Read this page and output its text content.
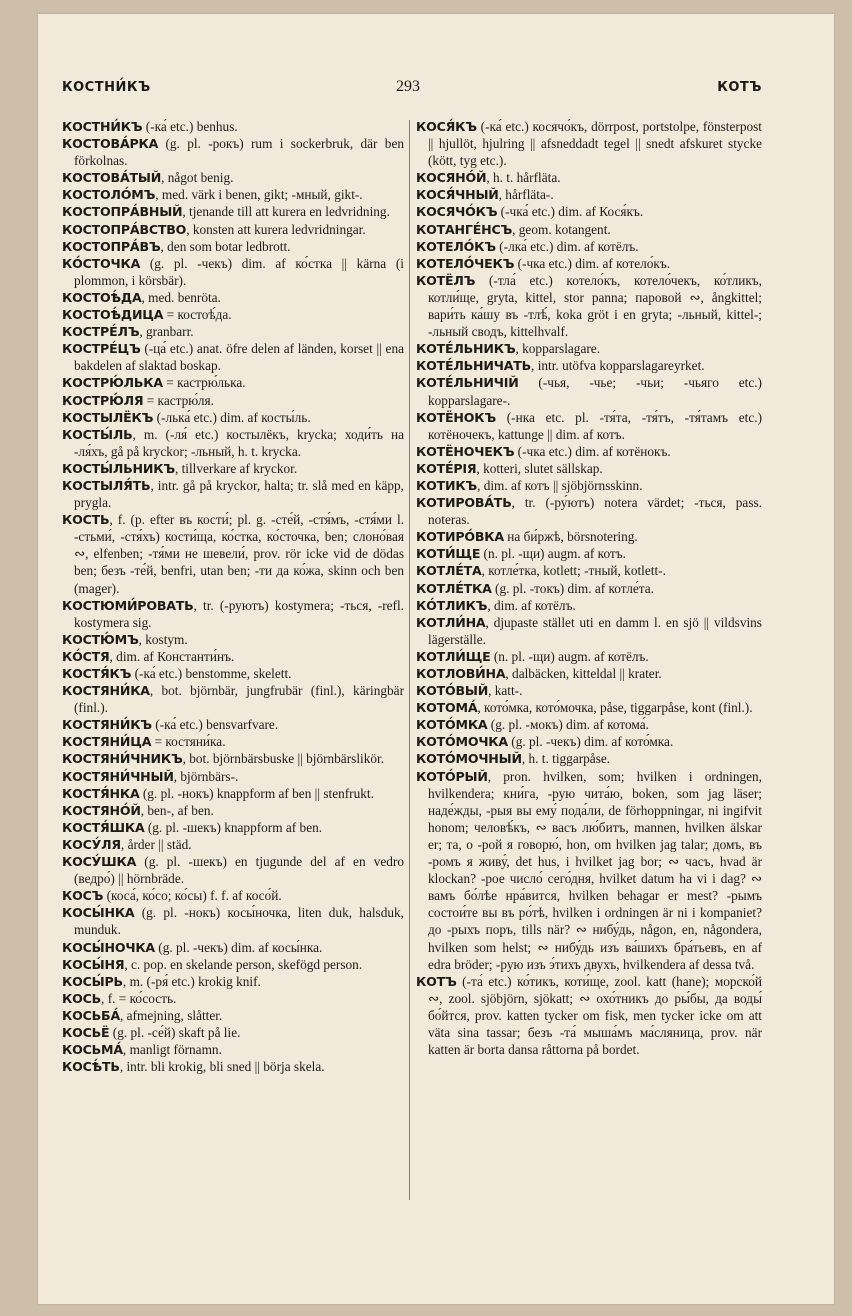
КОСТНИ́КЪ	293	КОТЪ
КОСТНИ́КЪ (-ка́ etc.) benhus.
КОСТОВА́РКА (g. pl. -рокъ) rum i sockerbruk, där ben förkolnas.
КОСТОВА́ТЫЙ, något benig.
КОСТОЛО́МЪ, med. värk i benen, gikt; -мный, gikt-.
КОСТОПРА́ВНЫЙ, tjenande till att kurera en ledvridning.
КОСТОПРА́ВСТВО, konsten att kurera ledvridningar.
КОСТОПРА́ВЪ, den som botar ledbrott.
КО́СТОЧКА (g. pl. -чекъ) dim. af ко́стка || kärna (i plommon, i körsbär).
КОСТОѢ́ДА, med. benröta.
КОСТОѢ́ДИЦА = костоѣ́да.
КОСТРЕ́ЛЪ, granbarr.
КОСТРЕ́ЦЪ (-ца́ etc.) anat. öfre delen af länden, korset || ena bakdelen af slaktad boskap.
КОСТРЮ́ЛЬКА = кастрю́лька.
КОСТРЮ́ЛЯ = кастрю́ля.
КОСТЫЛЁКЪ (-лька́ etc.) dim. af косты́ль.
КОСТЫ́ЛЬ, m. (-ля́ etc.) костылёкъ, krycka; ходи́ть на -ля́хъ, gå på kryckor; -льный, h. t. krycka.
КОСТЫ́ЛЬНИКЪ, tillverkare af kryckor.
КОСТЫЛЯ́ТЬ, intr. gå på kryckor, halta; tr. slå med en käpp, prygla.
КОСТЬ, f. (p. efter въ кости́; pl. g. -сте́й, -стя́мъ, -стя́ми l. -стьми́, -стя́хъ) кости́ща, ко́стка, ко́сточка, ben; слоно́вая ∾, elfenben; -тя́ми не шевели́, prov. rör icke vid de dödas ben; безъ -те́й, benfri, utan ben; -ти да ко́жа, skinn och ben (mager).
КОСТЮМИ́РОВАТЬ, tr. (-руютъ) kostymera; -ться, -refl. kostymera sig.
КОСТЮ́МЪ, kostym.
КО́СТЯ, dim. af Константи́нъ.
КОСТЯ́КЪ (-ка́ etc.) benstomme, skelett.
КОСТЯНИ́КА, bot. björnbär, jungfrubär (finl.), käringbär (finl.).
КОСТЯНИ́КЪ (-ка́ etc.) bensvarfvare.
КОСТЯНИ́ЦА = костяни́ка.
КОСТЯНИ́ЧНИКЪ, bot. björnbärsbuske || björnbärslikör.
КОСТЯНИ́ЧНЫЙ, björnbärs-.
КОСТЯ́НКА (g. pl. -нокъ) knappform af ben || stenfrukt.
КОСТЯНО́Й, ben-, af ben.
КОСТЯ́ШКА (g. pl. -шекъ) knappform af ben.
КОСУ́ЛЯ, årder || städ.
КОСУ́ШКА (g. pl. -шекъ) en tjugunde del af en vedro (ведро́) || hörnbräde.
КОСЪ (коса́, ко́со; ко́сы) f. f. af косо́й.
КОСЫ́НКА (g. pl. -нокъ) косы́ночка, liten duk, halsduk, munduk.
КОСЫ́НОЧКА (g. pl. -чекъ) dim. af косы́нка.
КОСЫ́НЯ, c. pop. en skelande person, skefögd person.
КОСЫ́РЬ, m. (-ря́ etc.) krokig knif.
КОСЬ, f. = ко́сость.
КОСЬБА́, afmejning, slåtter.
КОСЬЁ (g. pl. -се́й) skaft på lie.
КОСЬМА́, manligt förnamn.
КОСѢ́ТЬ, intr. bli krokig, bli sned || börja skela.
КОСЯ́КЪ (-ка́ etc.) косячо́къ, dörrpost, portstolpe, fönsterpost || hjullöt, hjulring || afsneddadt tegel || snedt afskuret stycke (kött, tyg etc.).
КОСЯНО́Й, h. t. hårfläta.
КОСЯ́ЧНЫЙ, hårfläta-.
КОСЯЧО́КЪ (-чка́ etc.) dim. af Кося́къ.
КОТАНГЕ́НСЪ, geom. kotangent.
КОТЕЛО́КЪ (-лка́ etc.) dim. af котёлъ.
КОТЕЛО́ЧЕКЪ (-чка etc.) dim. af котело́къ.
КОТЁЛЪ (-тла́ etc.) котело́къ, котело́чекъ, ко́тликъ, котли́ще, gryta, kittel, stor panna; паровой ∾, ångkittel; вари́ть ка́шу въ -тлѣ́, koka gröt i en gryta; -льный, kittel-; -льный сводъ, kittelhvalf.
КОТЕ́ЛЬНИКЪ, kopparslagare.
КОТЕ́ЛЬНИЧАТЬ, intr. utöfva kopparslagareyrket.
КОТЕ́ЛЬНИЧІЙ (-чья, -чье; -чьи; -чьяго etc.) kopparslagare-.
КОТЁНОКЪ (-нка etc. pl. -тя́та, -тя́тъ, -тя́тамъ etc.) котёночекъ, kattunge || dim. af котъ.
КОТЁНОЧЕКЪ (-чка etc.) dim. af котёнокъ.
КОТЕ́РІЯ, kotteri, slutet sällskap.
КОТИКЪ, dim. af котъ || sjöbjörnsskinn.
КОТИРОВА́ТЬ, tr. (-ру́ютъ) notera värdet; -ться, pass. noteras.
КОТИРО́ВКА на би́ржѣ, börsnotering.
КОТИ́ЩЕ (n. pl. -щи) augm. af котъ.
КОТЛЕ́ТА, котле́тка, kotlett; -тный, kotlett-.
КОТЛЕ́ТКА (g. pl. -токъ) dim. af котле́та.
КО́ТЛИКЪ, dim. af котёлъ.
КОТЛИ́НА, djupaste stället uti en damm l. en sjö || vildsvins lägerställe.
КОТЛИ́ЩЕ (n. pl. -щи) augm. af котёлъ.
КОТЛОВИ́НА, dalbäcken, kitteldal || krater.
КОТО́ВЫЙ, katt-.
КОТОМА́, кото́мка, кото́мочка, påse, tiggarpåse, kont (finl.).
КОТО́МКА (g. pl. -мокъ) dim. af котома́.
КОТО́МОЧКА (g. pl. -чекъ) dim. af кото́мка.
КОТО́МОЧНЫЙ, h. t. tiggarpåse.
КОТО́РЫЙ, pron. hvilken, som; hvilken i ordningen, hvilkendera; кни́га, -рую чита́ю, boken, som jag läser; наде́жды, -рыя вы ему́ пода́ли, de förhoppningar, ni ingifvit honom; человѣ́къ, ∾ васъ лю́битъ, mannen, hvilken älskar er; та, о -рой я говорю́, hon, om hvilken jag talar; домъ, въ -ромъ я живу́, det hus, i hvilket jag bor; ∾ часъ, hvad är klockan? -рое число́ сего́дня, hvilket datum ha vi i dag? ∾ вамъ бо́лѣе нра́вится, hvilken behagar er mest? -рымъ состои́те вы въ ро́тѣ, hvilken i ordningen är ni i kompaniet? до -рыхъ поръ, tills när? ∾ нибу́дь, någon, en, någondera, hvilken som helst; ∾ нибу́дь изъ ва́шихъ бра́тьевъ, en af edra bröder; -рую изъ э́тихъ двухъ, hvilkendera af dessa två.
КОТЪ (-та́ etc.) ко́тикъ, коти́ще, zool. katt (hane); морско́й ∾, zool. sjöbjörn, sjökatt; ∾ охо́тникъ до ры́бы, да воды́ бо́йтся, prov. katten tycker om fisk, men tycker icke om att väta sina tassar; безъ -та́ мыша́мъ ма́сляница, prov. när katten är borta dansa råttorna på bordet.
